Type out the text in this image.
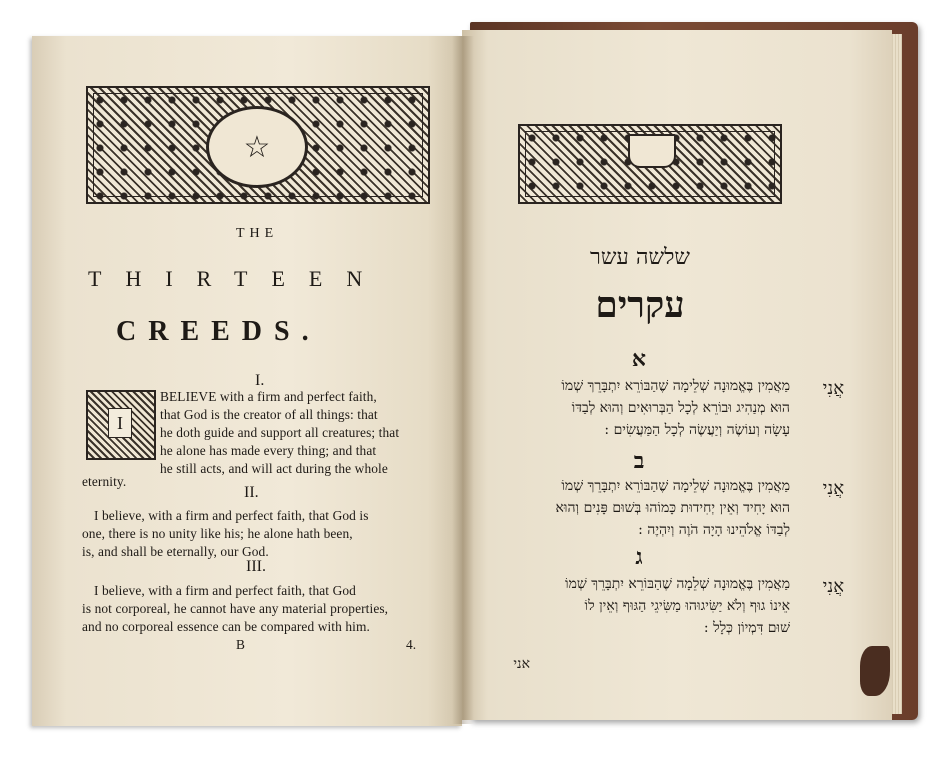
☆

THE

THIRTEEN

CREEDS.

I.

I

BELIEVE with a firm and perfect faith,

that God is the creator of all things: that

he doth guide and support all creatures; that

he alone has made every thing; and that

he still acts, and will act during the whole

eternity.

II.

I believe, with a firm and perfect faith, that God is

one, there is no unity like his; he alone hath been,

is, and shall be eternally, our God.

III.

I believe, with a firm and perfect faith, that God

is not corporeal, he cannot have any material properties,

and no corporeal essence can be compared with him.

B	4.

שלשה עשר

עקרים

א

אֲנִי

מַאֲמִין בֶּאֱמוּנָה שְׁלֵימָה שֶׁהַבּוֹרֵא יִתְבָּרֵךְ שְׁמוֹ

הוּא מְנַהִיג וּבוֹרֵא לְכָל הַבְּרוּאִים וְהוּא לְבַדּוֹ

עָשָׂה וְעוֹשֶׂה וְיַעֲשֶׂה לְכָל הַמַּעֲשִׂים :

ב

אֲנִי

מַאֲמִין בֶּאֱמוּנָה שְׁלֵימָה שֶׁהַבּוֹרֵא יִתְבָּרֵךְ שְׁמוֹ

הוּא יָחִיד וְאֵין יְחִידוּת כָּמוֹהוּ בְּשׁוּם פָּנִים וְהוּא

לְבַדּוֹ אֱלֹהֵינוּ הָיָה הֹוֶה וְיִהְיֶה :

ג

אֲנִי

מַאֲמִין בֶּאֱמוּנָה שְׁלֵמָה שֶׁהַבּוֹרֵא יִתְבָּרֵךְ שְׁמוֹ

אֵינוֹ גוּף וְלֹא יַשִּׂיגוּהוּ מַשִּׂיגֵי הַגּוּף וְאֵין לוֹ

שׁוּם דִּמְיוֹן כְּלָל :

אני
